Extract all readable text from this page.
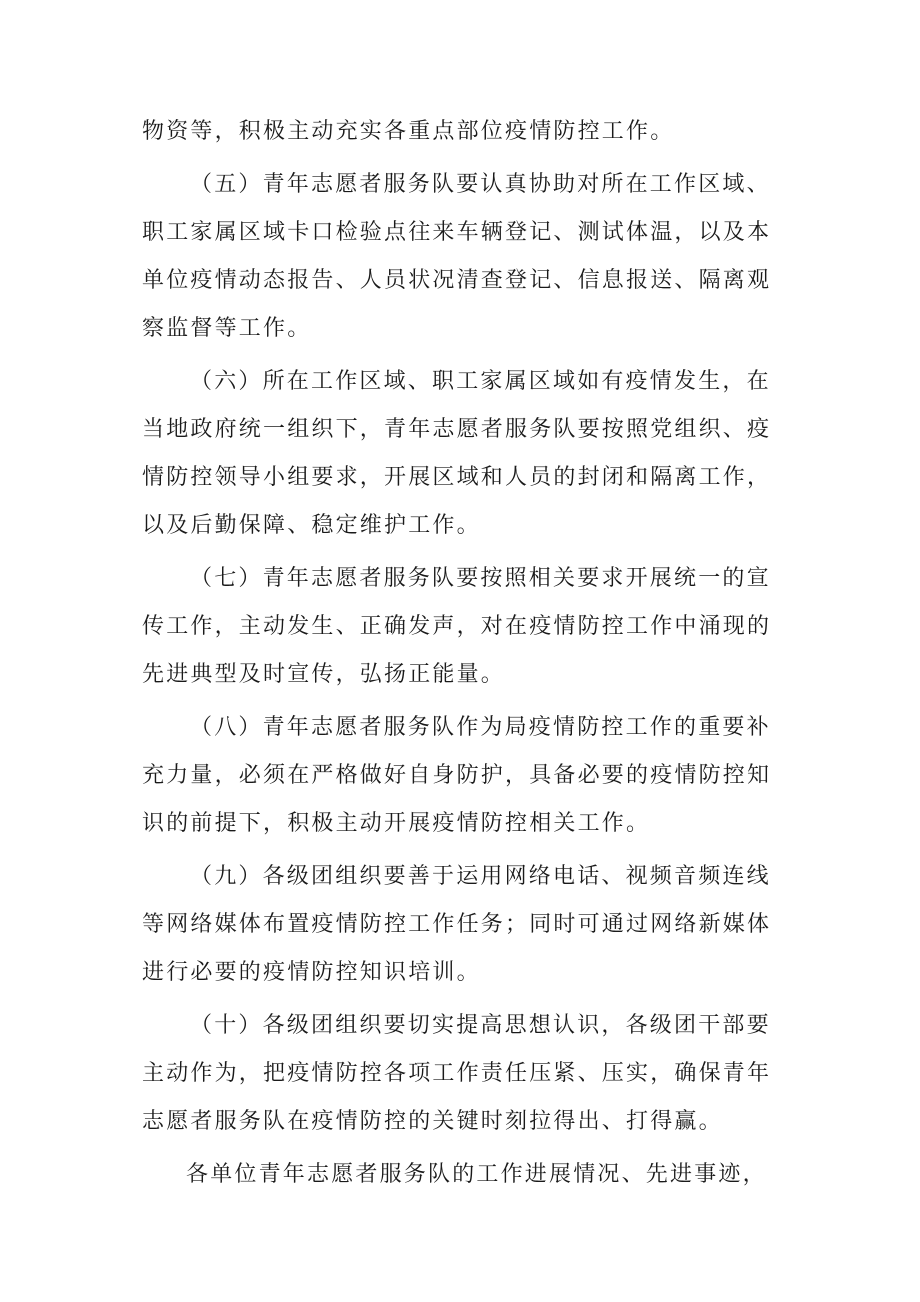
物资等，积极主动充实各重点部位疫情防控工作。
（五）青年志愿者服务队要认真协助对所在工作区域、
职工家属区域卡口检验点往来车辆登记、测试体温，以及本
单位疫情动态报告、人员状况清查登记、信息报送、隔离观
察监督等工作。
（六）所在工作区域、职工家属区域如有疫情发生，在
当地政府统一组织下，青年志愿者服务队要按照党组织、疫
情防控领导小组要求，开展区域和人员的封闭和隔离工作，
以及后勤保障、稳定维护工作。
（七）青年志愿者服务队要按照相关要求开展统一的宣
传工作，主动发生、正确发声，对在疫情防控工作中涌现的
先进典型及时宣传，弘扬正能量。
（八）青年志愿者服务队作为局疫情防控工作的重要补
充力量，必须在严格做好自身防护，具备必要的疫情防控知
识的前提下，积极主动开展疫情防控相关工作。
（九）各级团组织要善于运用网络电话、视频音频连线
等网络媒体布置疫情防控工作任务；同时可通过网络新媒体
进行必要的疫情防控知识培训。
（十）各级团组织要切实提高思想认识，各级团干部要
主动作为，把疫情防控各项工作责任压紧、压实，确保青年
志愿者服务队在疫情防控的关键时刻拉得出、打得赢。
各单位青年志愿者服务队的工作进展情况、先进事迹，
